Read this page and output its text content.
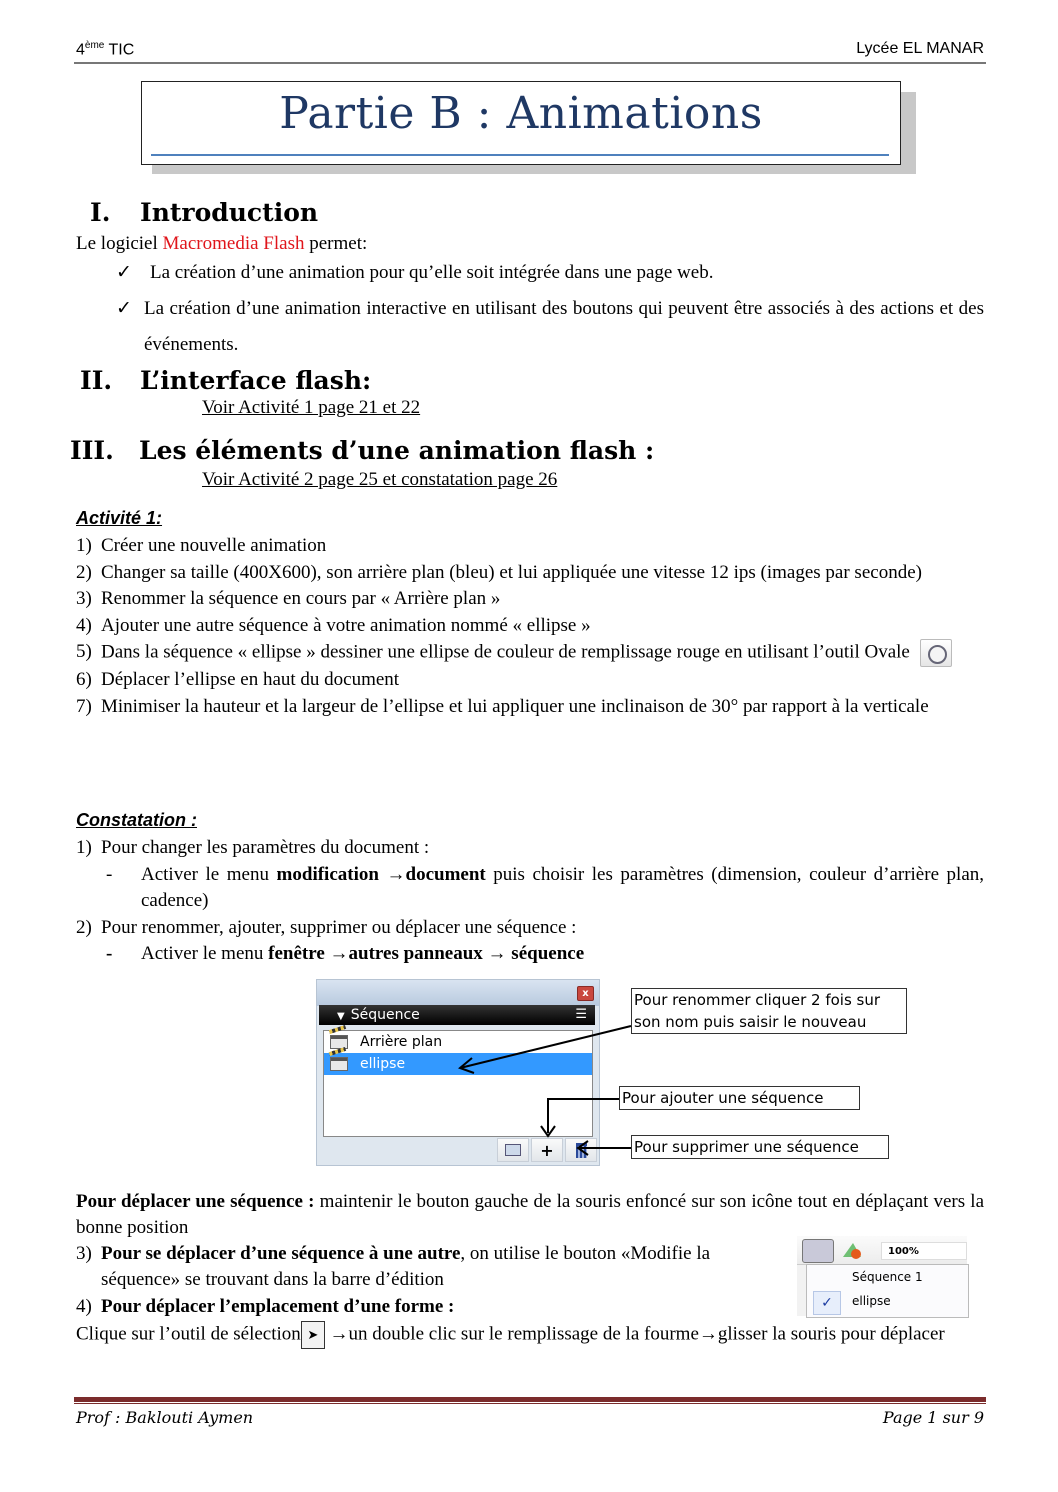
4ème TIC	Lycée EL MANAR
Partie B : Animations
I. Introduction
Le logiciel Macromedia Flash permet:
✓ La création d’une animation pour qu’elle soit intégrée dans une page web.
✓ La création d’une animation interactive en utilisant des boutons qui peuvent être associés à des actions et des événements.
II. L’interface flash:
Voir Activité 1 page 21 et 22
III. Les éléments d’une animation flash :
Voir Activité 2 page 25 et constatation page 26
Activité 1:
1) Créer une nouvelle animation
2) Changer sa taille (400X600), son arrière plan (bleu) et lui appliquée une vitesse 12 ips (images par seconde)
3) Renommer la séquence en cours par « Arrière plan »
4) Ajouter une autre séquence à votre animation nommé « ellipse »
5) Dans la séquence « ellipse » dessiner une ellipse de couleur de remplissage rouge en utilisant l’outil Ovale
6) Déplacer l’ellipse en haut du document
7) Minimiser la hauteur et la largeur de l’ellipse et lui appliquer une inclinaison de 30° par rapport à la verticale
Constatation :
1) Pour changer les paramètres du document :
-	Activer le menu modification →document puis choisir les paramètres (dimension, couleur d’arrière plan, cadence)
2) Pour renommer, ajouter, supprimer ou déplacer une séquence :
-	Activer le menu fenêtre →autres panneaux → séquence
x
▼ Séquence	☰
Arrière plan
ellipse
+
Pour renommer cliquer 2 fois sur son nom puis saisir le nouveau
Pour ajouter une séquence
Pour supprimer une séquence
Pour déplacer une séquence : maintenir le bouton gauche de la souris enfoncé sur son icône tout en déplaçant vers la bonne position
3) Pour se déplacer d’une séquence à une autre, on utilise le bouton «Modifie la séquence» se trouvant dans la barre d’édition
4) Pour déplacer l’emplacement d’une forme :
Clique sur l’outil de sélection ➤ →un double clic sur le remplissage de la fourme→glisser la souris pour déplacer
100%
Séquence 1
✓	ellipse
Prof : Baklouti Aymen	Page 1 sur 9
